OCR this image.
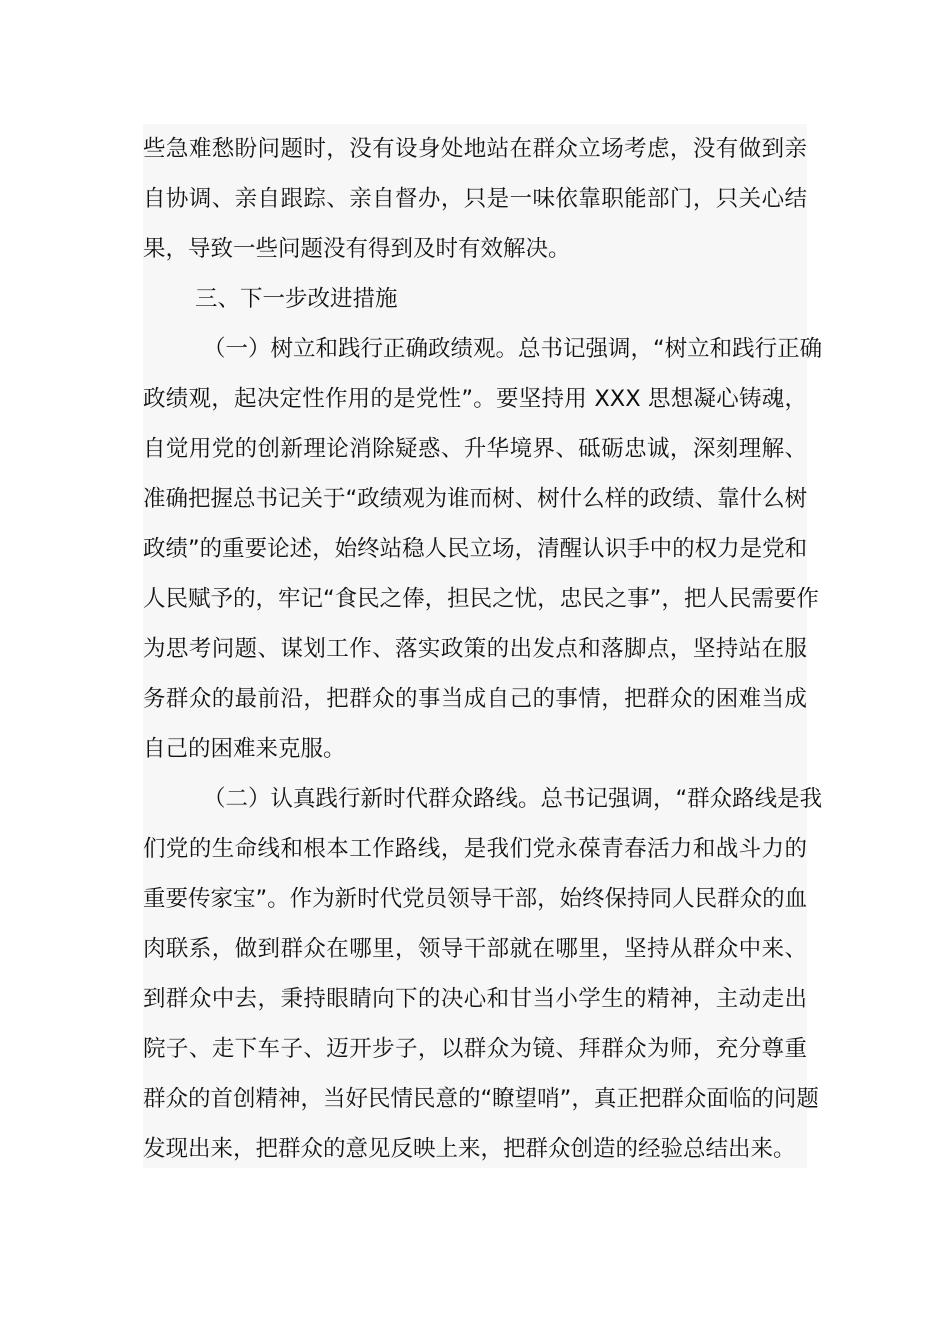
些急难愁盼问题时，没有设身处地站在群众立场考虑，没有做到亲
自协调、亲自跟踪、亲自督办，只是一味依靠职能部门，只关心结
果，导致一些问题没有得到及时有效解决。
三、下一步改进措施
（一）树立和践行正确政绩观。总书记强调，“树立和践行正确
政绩观，起决定性作用的是党性”。要坚持用 XXX 思想凝心铸魂，
自觉用党的创新理论消除疑惑、升华境界、砥砺忠诚，深刻理解、
准确把握总书记关于“政绩观为谁而树、树什么样的政绩、靠什么树
政绩”的重要论述，始终站稳人民立场，清醒认识手中的权力是党和
人民赋予的，牢记“食民之俸，担民之忧，忠民之事”，把人民需要作
为思考问题、谋划工作、落实政策的出发点和落脚点，坚持站在服
务群众的最前沿，把群众的事当成自己的事情，把群众的困难当成
自己的困难来克服。
（二）认真践行新时代群众路线。总书记强调，“群众路线是我
们党的生命线和根本工作路线，是我们党永葆青春活力和战斗力的
重要传家宝”。作为新时代党员领导干部，始终保持同人民群众的血
肉联系，做到群众在哪里，领导干部就在哪里，坚持从群众中来、
到群众中去，秉持眼睛向下的决心和甘当小学生的精神，主动走出
院子、走下车子、迈开步子，以群众为镜、拜群众为师，充分尊重
群众的首创精神，当好民情民意的“瞭望哨”，真正把群众面临的问题
发现出来，把群众的意见反映上来，把群众创造的经验总结出来。
